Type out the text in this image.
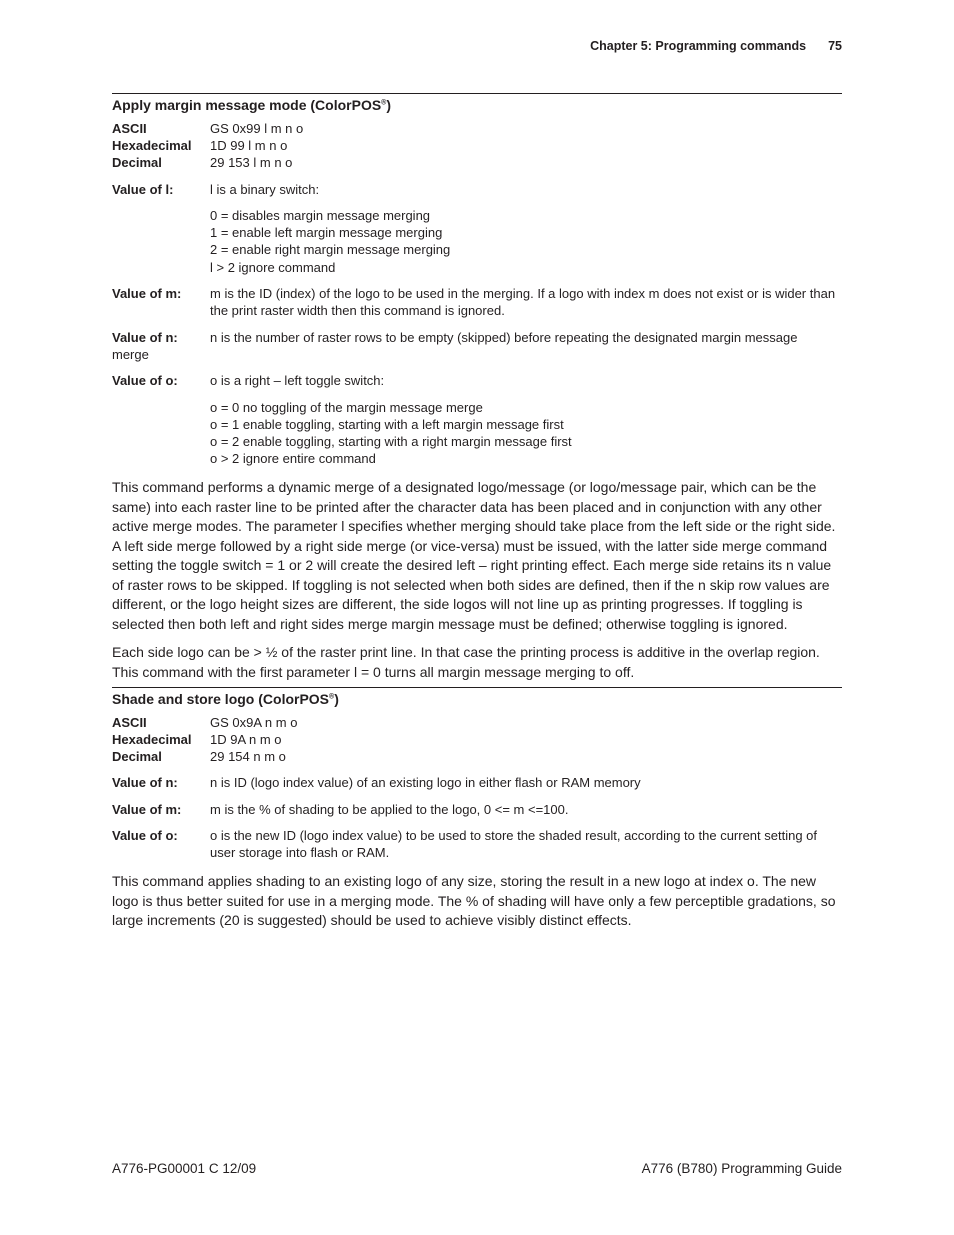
Chapter 5: Programming commands 75
Apply margin message mode (ColorPOS®)
ASCII	GS 0x99 l m n o
Hexadecimal 1D 99 l m n o
Decimal	29 153 l m n o
Value of l:	l is a binary switch:
0 = disables margin message merging
1 = enable left margin message merging
2 = enable right margin message merging
l > 2 ignore command
Value of m: m is the ID (index) of the logo to be used in the merging. If a logo with index m does not exist or is wider than the print raster width then this command is ignored.
Value of n: n is the number of raster rows to be empty (skipped) before repeating the designated margin message
merge
Value of o: o is a right – left toggle switch:
o = 0 no toggling of the margin message merge
o = 1 enable toggling, starting with a left margin message first
o = 2 enable toggling, starting with a right margin message first
o > 2 ignore entire command
This command performs a dynamic merge of a designated logo/message (or logo/message pair, which can be the same) into each raster line to be printed after the character data has been placed and in conjunction with any other active merge modes. The parameter l specifies whether merging should take place from the left side or the right side. A left side merge followed by a right side merge (or vice-versa) must be issued, with the latter side merge command setting the toggle switch = 1 or 2 will create the desired left – right printing effect. Each merge side retains its n value of raster rows to be skipped. If toggling is not selected when both sides are defined, then if the n skip row values are different, or the logo height sizes are different, the side logos will not line up as printing progresses. If toggling is selected then both left and right sides merge margin message must be defined; otherwise toggling is ignored.
Each side logo can be > ½ of the raster print line. In that case the printing process is additive in the overlap region. This command with the first parameter l = 0 turns all margin message merging to off.
Shade and store logo (ColorPOS®)
ASCII	GS 0x9A n m o
Hexadecimal 1D 9A n m o
Decimal	29 154 n m o
Value of n: n is ID (logo index value) of an existing logo in either flash or RAM memory
Value of m: m is the % of shading to be applied to the logo, 0 <= m <=100.
Value of o: o is the new ID (logo index value) to be used to store the shaded result, according to the current setting of user storage into flash or RAM.
This command applies shading to an existing logo of any size, storing the result in a new logo at index o. The new logo is thus better suited for use in a merging mode. The % of shading will have only a few perceptible gradations, so large increments (20 is suggested) should be used to achieve visibly distinct effects.
A776-PG00001 C 12/09	A776 (B780) Programming Guide
